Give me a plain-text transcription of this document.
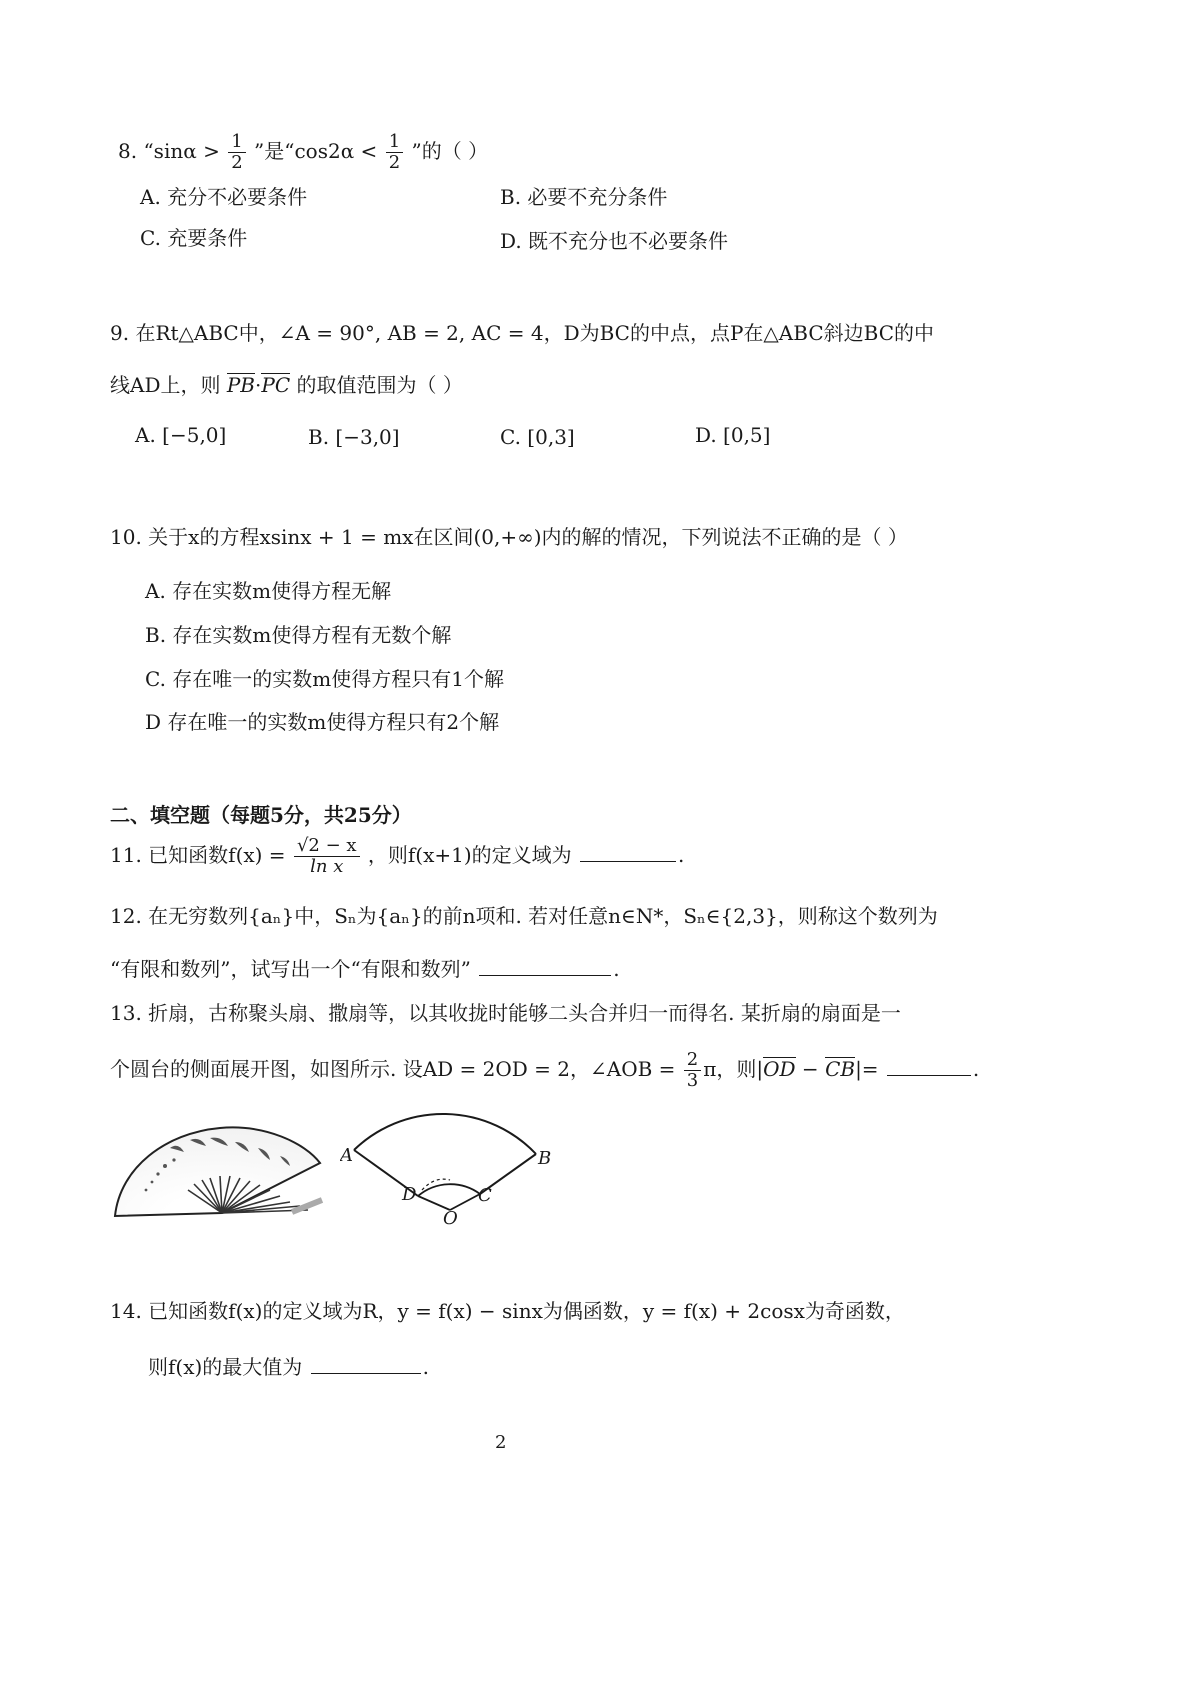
8. “$\sin\alpha > \frac{1}{2}$ ”是“$\cos 2\alpha < \frac{1}{2}$ ”的（ ）
A. 充分不必要条件	B. 必要不充分条件
C. 充要条件	D. 既不充分也不必要条件
9. 在Rt△ABC中，∠A = 90°, AB = 2, AC = 4，D为BC的中点，点P在△ABC斜边BC的中
线AD上，则 PB·
PC 的取值范围为（ ）
A. [−5,0]	B. [−3,0]	C. [0,3]	D. [0,5]
10. 关于x的方程xsinx + 1 = mx在区间(0,+∞)内的解的情况，下列说法不正确的是（ ）
A. 存在实数m使得方程无解
B. 存在实数m使得方程有无数个解
C. 存在唯一的实数m使得方程只有1个解
D 存在唯一的实数m使得方程只有2个解
二、填空题（每题5分，共25分）
11. 已知函数$f(x) = \frac{√2 - x}{\text{ln x}}$ ，则f(x+1)的定义域为	.
12. 在无穷数列{aₙ}中，Sₙ为{aₙ}的前n项和. 若对任意n∈N*，Sₙ∈{2,3}，则称这个数列为
“有限和数列”，试写出一个“有限和数列”	.
13. 折扇，古称聚头扇、撒扇等，以其收拢时能够二头合并归一而得名. 某折扇的扇面是一
个圆台的侧面展开图，如图所示. 设AD = 2OD = 2，∠AOB = $\frac{2}{3}$ π，则|
OD −
CB|=	.
A	B
D	C
O
14. 已知函数f(x)的定义域为R，y = f(x) − sinx为偶函数，y = f(x) + 2cosx为奇函数，
则f(x)的最大值为	.
2
